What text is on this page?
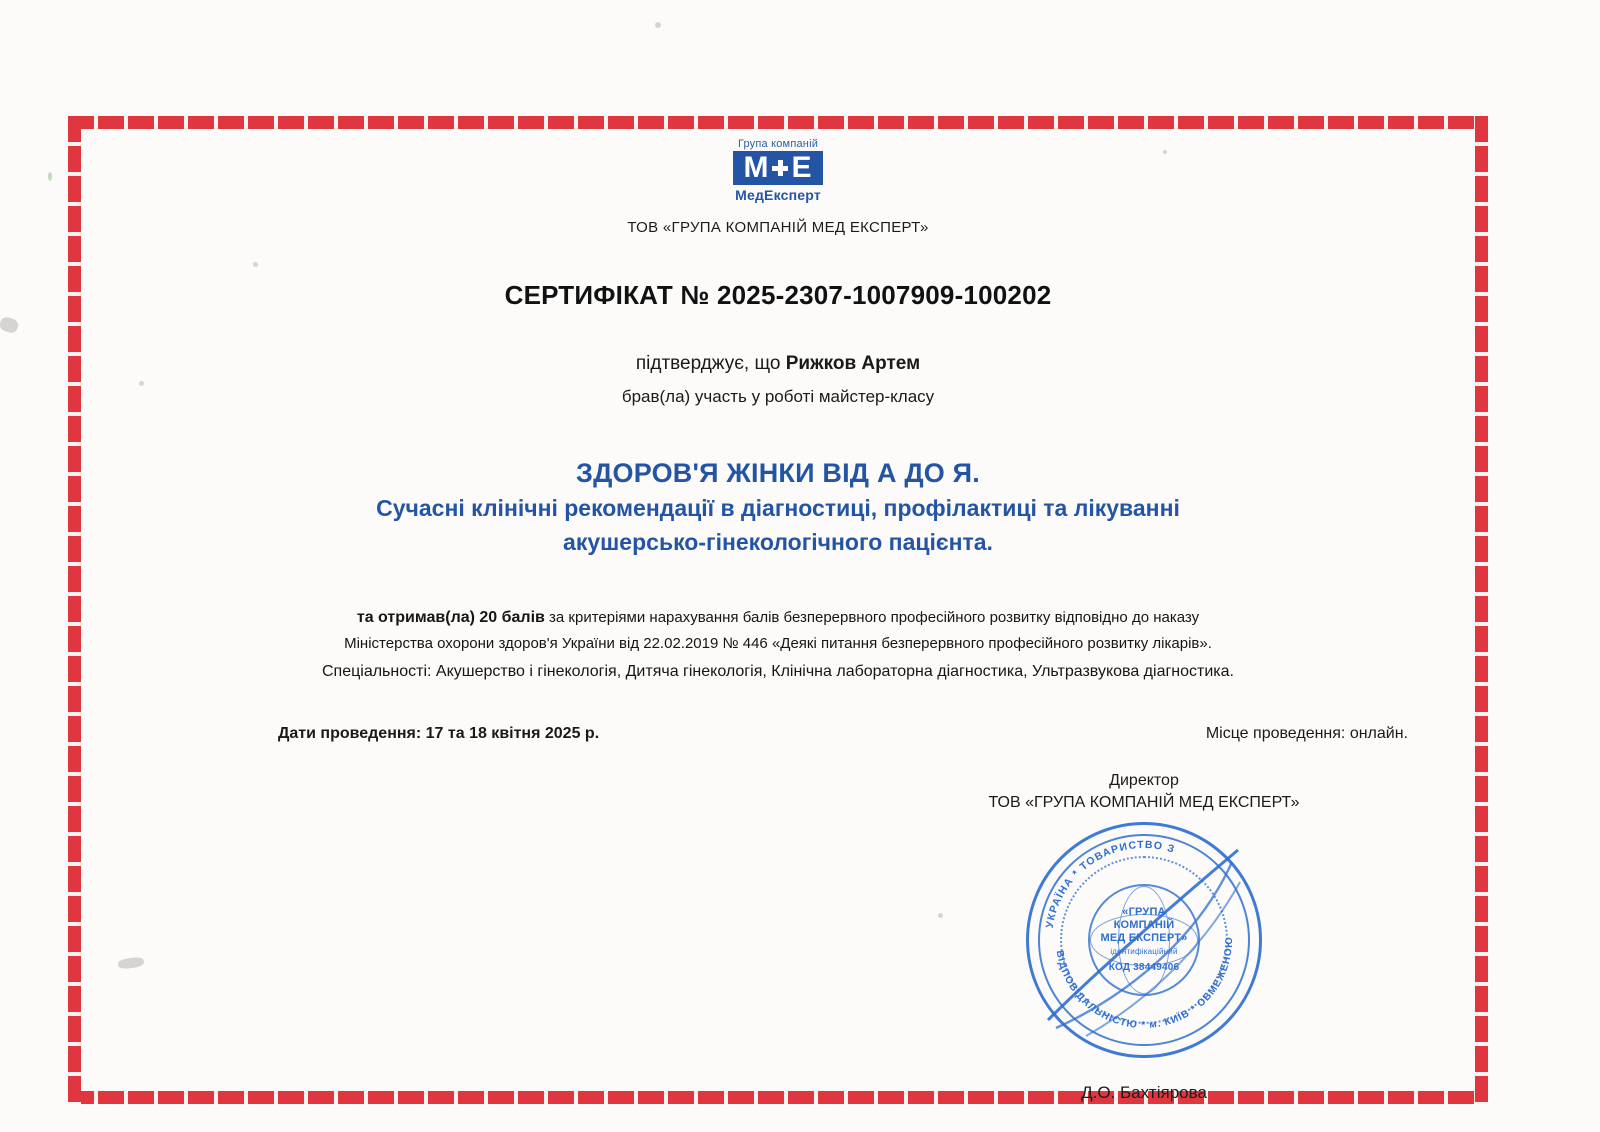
Група компаній
М Е
МедЕксперт
ТОВ «ГРУПА КОМПАНІЙ МЕД ЕКСПЕРТ»
СЕРТИФІКАТ № 2025-2307-1007909-100202
підтверджує, що Рижков Артем
брав(ла) участь у роботі майстер-класу
ЗДОРОВ'Я ЖІНКИ ВІД А ДО Я.
Сучасні клінічні рекомендації в діагностиці, профілактиці та лікуванні
акушерсько-гінекологічного пацієнта.
та отримав(ла) 20 балів за критеріями нарахування балів безперервного професійного розвитку відповідно до наказу
Міністерства охорони здоров'я України від 22.02.2019 № 446 «Деякі питання безперервного професійного розвитку лікарів».
Спеціальності: Акушерство і гінекологія, Дитяча гінекологія, Клінічна лабораторна діагностика, Ультразвукова діагностика.
Дати проведення: 17 та 18 квітня 2025 р.	Місце проведення: онлайн.
Директор
ТОВ «ГРУПА КОМПАНІЙ МЕД ЕКСПЕРТ»
УКРАЇНА * ТОВАРИСТВО З
ВІДПОВІДАЛЬНІСТЮ * м. КИЇВ * ОБМЕЖЕНОЮ
«ГРУПА
КОМПАНІЙ
МЕД ЕКСПЕРТ»
ідентифікаційний
КОД 38449406
Д.О. Бахтіярова
